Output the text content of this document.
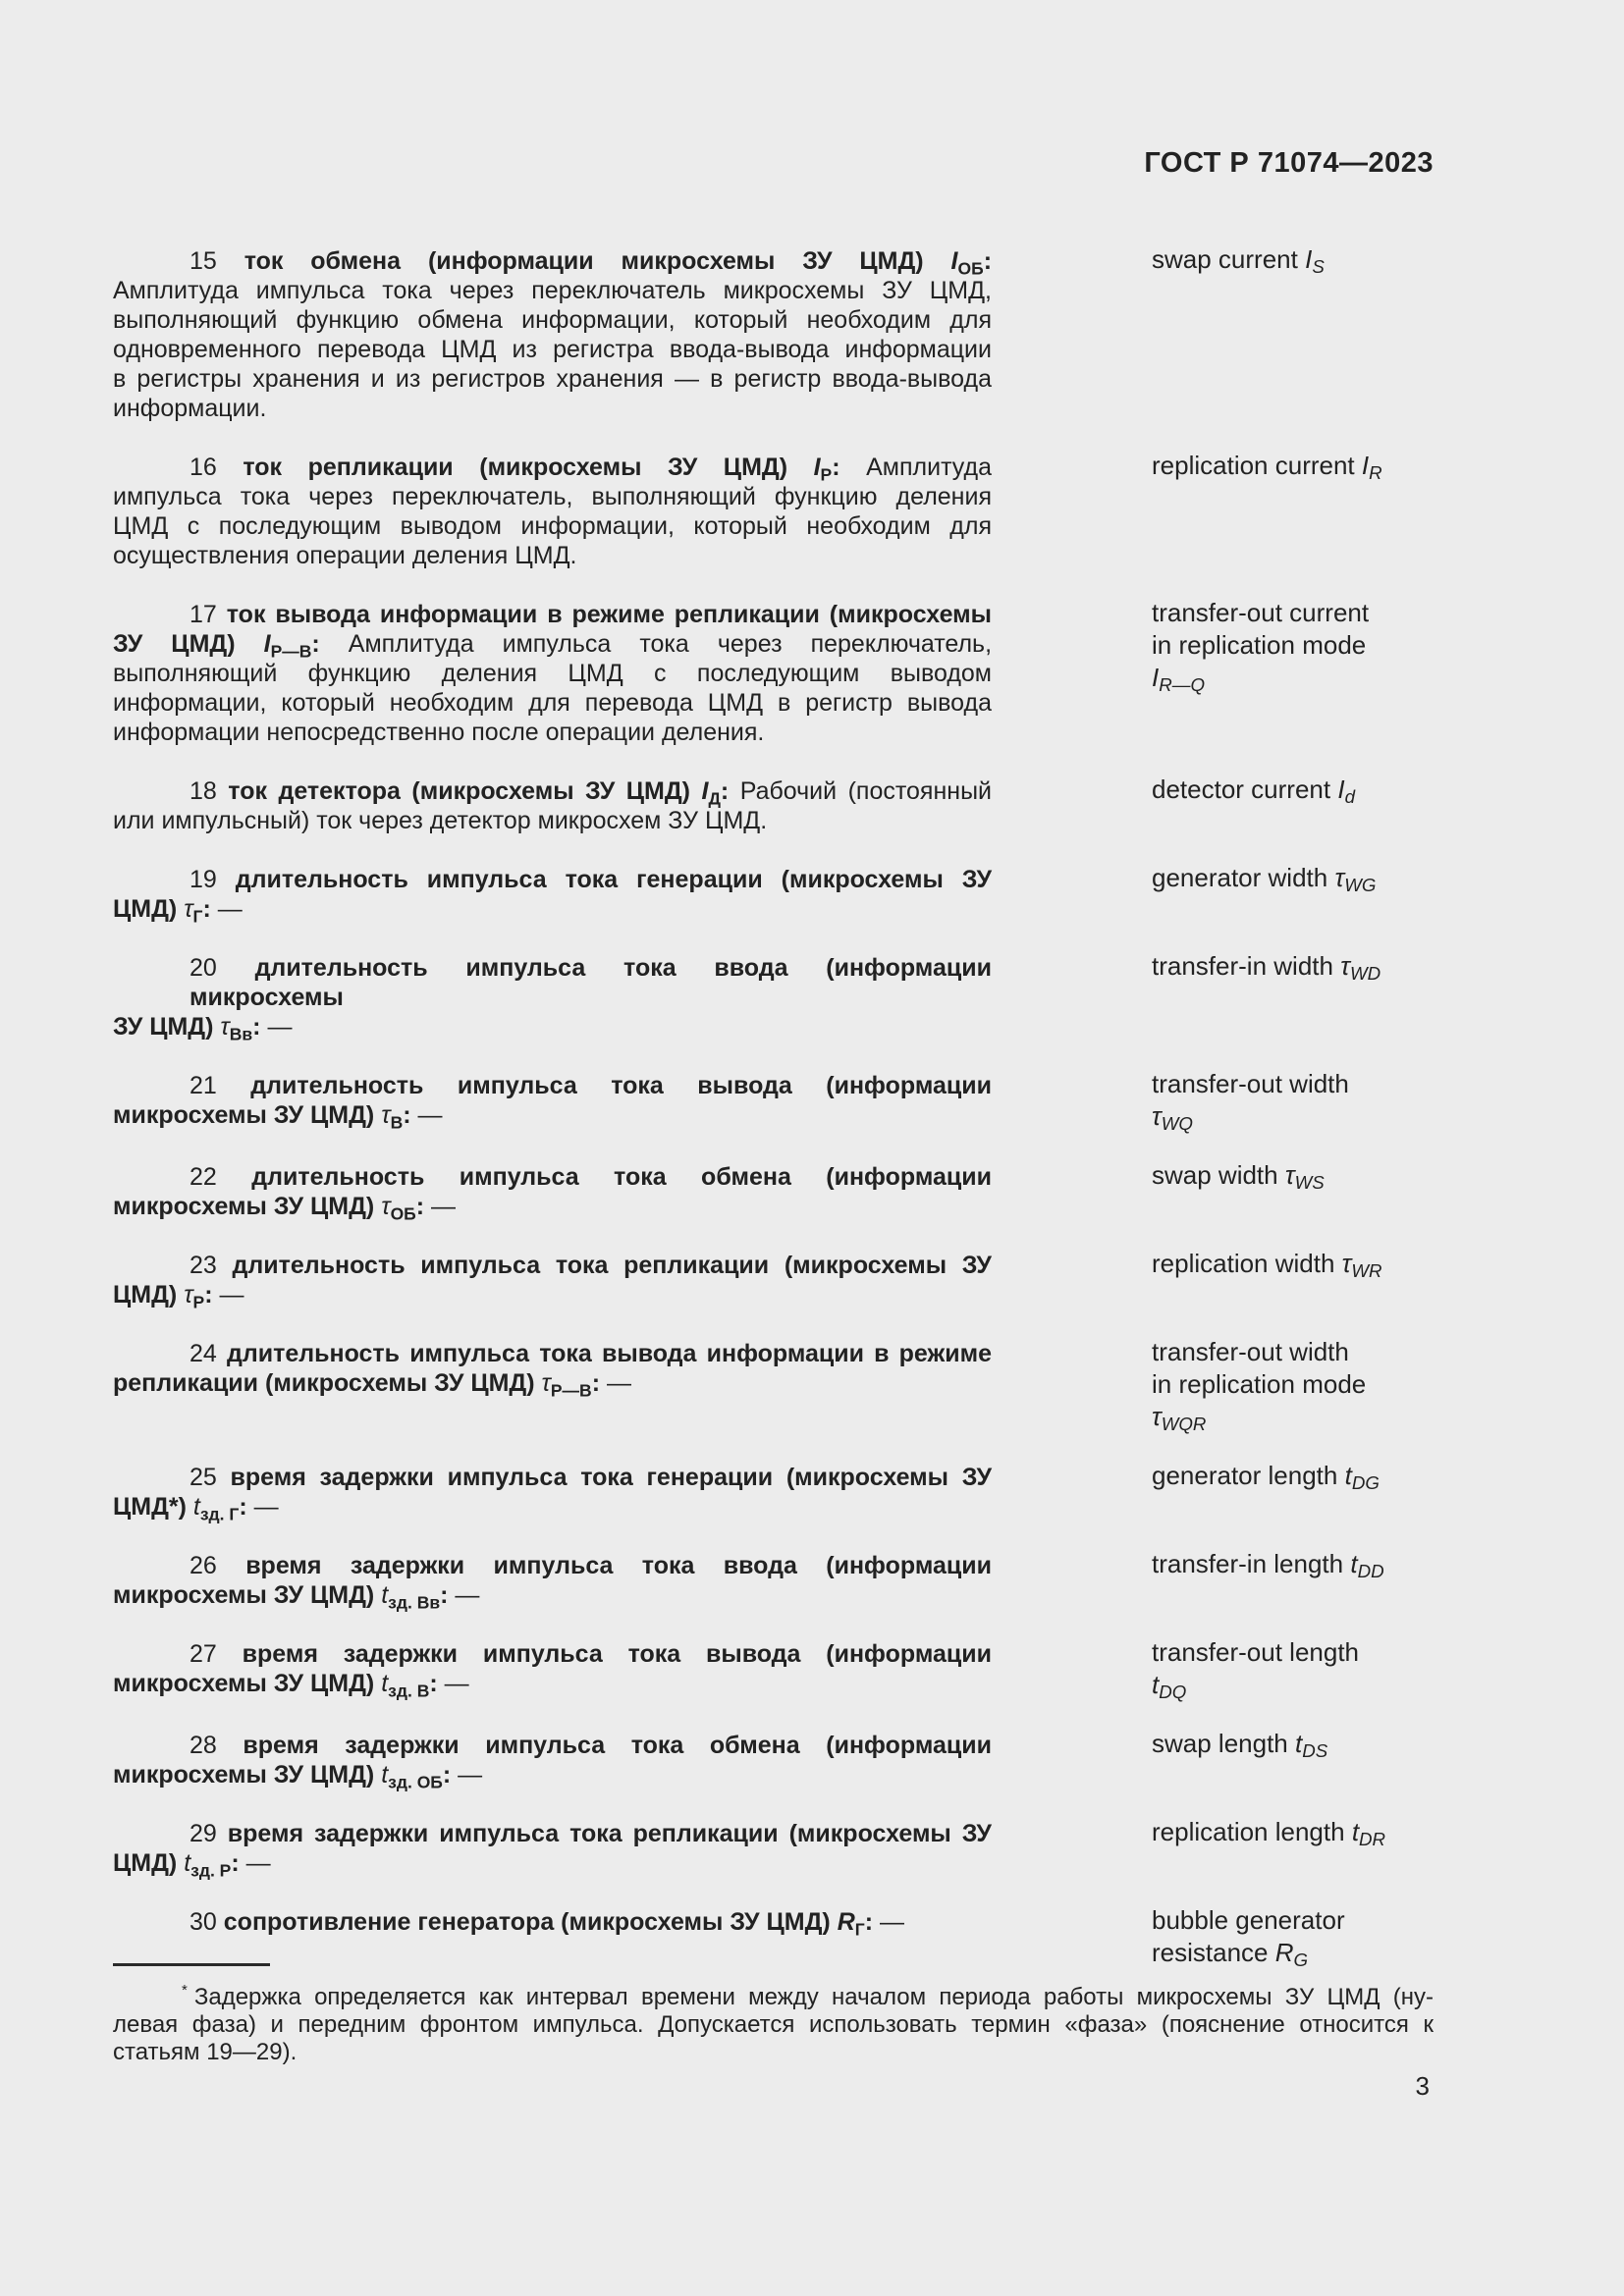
ГОСТ Р 71074—2023
15 ток обмена (информации микросхемы ЗУ ЦМД) $I_{ОБ}$:
Амплитуда импульса тока через переключатель микросхемы ЗУ ЦМД,
выполняющий функцию обмена информации, который необходим для
одновременного перевода ЦМД из регистра ввода-вывода информации
в регистры хранения и из регистров хранения — в регистр ввода-вывода
информации.
swap current $I_S$
16 ток репликации (микросхемы ЗУ ЦМД) $I_Р$: Амплитуда
импульса тока через переключатель, выполняющий функцию деления
ЦМД с последующим выводом информации, который необходим для
осуществления операции деления ЦМД.
replication current $I_R$
17 ток вывода информации в режиме репликации (микросхемы
ЗУ ЦМД) $I_{Р—В}$: Амплитуда импульса тока через переключатель,
выполняющий функцию деления ЦМД с последующим выводом
информации, который необходим для перевода ЦМД в регистр вывода
информации непосредственно после операции деления.
transfer-out current
in replication mode
$I_{R—Q}$
18 ток детектора (микросхемы ЗУ ЦМД) $I_Д$: Рабочий (постоянный
или импульсный) ток через детектор микросхем ЗУ ЦМД.
detector current $I_d$
19 длительность импульса тока генерации (микросхемы ЗУ
ЦМД) $\tau_Г$: —
generator width $\tau_{WG}$
20 длительность импульса тока ввода (информации микросхемы
ЗУ ЦМД) $\tau_{Вв}$: —
transfer-in width $\tau_{WD}$
21 длительность импульса тока вывода (информации
микросхемы ЗУ ЦМД) $\tau_В$: —
transfer-out width
$\tau_{WQ}$
22 длительность импульса тока обмена (информации
микросхемы ЗУ ЦМД) $\tau_{ОБ}$: —
swap width $\tau_{WS}$
23 длительность импульса тока репликации (микросхемы ЗУ
ЦМД) $\tau_Р$: —
replication width $\tau_{WR}$
24 длительность импульса тока вывода информации в режиме
репликации (микросхемы ЗУ ЦМД) $\tau_{Р—В}$: —
transfer-out width
in replication mode
$\tau_{WQR}$
25 время задержки импульса тока генерации (микросхемы ЗУ
ЦМД*) $t_{зд. Г}$: —
generator length $t_{DG}$
26 время задержки импульса тока ввода (информации
микросхемы ЗУ ЦМД) $t_{зд. Вв}$: —
transfer-in length $t_{DD}$
27 время задержки импульса тока вывода (информации
микросхемы ЗУ ЦМД) $t_{зд. В}$: —
transfer-out length
$t_{DQ}$
28 время задержки импульса тока обмена (информации
микросхемы ЗУ ЦМД) $t_{зд. ОБ}$: —
swap length $t_{DS}$
29 время задержки импульса тока репликации (микросхемы ЗУ
ЦМД) $t_{зд. Р}$: —
replication length $t_{DR}$
30 сопротивление генератора (микросхемы ЗУ ЦМД) $R_Г$: —	bubble generator
resistance $R_G$
* Задержка определяется как интервал времени между началом периода работы микросхемы ЗУ ЦМД (ну-
левая фаза) и передним фронтом импульса. Допускается использовать термин «фаза» (пояснение относится к
статьям 19—29).
3
